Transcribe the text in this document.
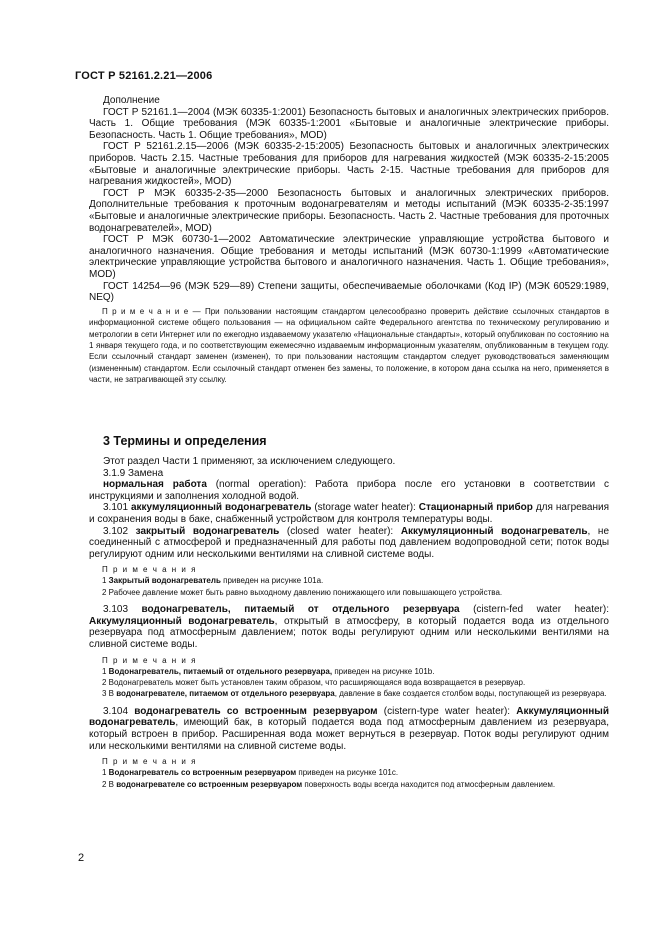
ГОСТ Р 52161.2.21—2006

Дополнение

ГОСТ Р 52161.1—2004 (МЭК 60335-1:2001) Безопасность бытовых и аналогичных электрических приборов. Часть 1. Общие требования (МЭК 60335-1:2001 «Бытовые и аналогичные электрические приборы. Безопасность. Часть 1. Общие требования», MOD)

ГОСТ Р 52161.2.15—2006 (МЭК 60335-2-15:2005) Безопасность бытовых и аналогичных электрических приборов. Часть 2.15. Частные требования для приборов для нагревания жидкостей (МЭК 60335-2-15:2005 «Бытовые и аналогичные электрические приборы. Часть 2-15. Частные требования для приборов для нагревания жидкостей», MOD)

ГОСТ Р МЭК 60335-2-35—2000 Безопасность бытовых и аналогичных электрических приборов. Дополнительные требования к проточным водонагревателям и методы испытаний (МЭК 60335-2-35:1997 «Бытовые и аналогичные электрические приборы. Безопасность. Часть 2. Частные требования для проточных водонагревателей», MOD)

ГОСТ Р МЭК 60730-1—2002 Автоматические электрические управляющие устройства бытового и аналогичного назначения. Общие требования и методы испытаний (МЭК 60730-1:1999 «Автоматические электрические управляющие устройства бытового и аналогичного назначения. Часть 1. Общие требования», MOD)

ГОСТ 14254—96 (МЭК 529—89) Степени защиты, обеспечиваемые оболочками (Код IP) (МЭК 60529:1989, NEQ)

П р и м е ч а н и е — При пользовании настоящим стандартом целесообразно проверить действие ссылочных стандартов в информационной системе общего пользования — на официальном сайте Федерального агентства по техническому регулированию и метрологии в сети Интернет или по ежегодно издаваемому указателю «Национальные стандарты», который опубликован по состоянию на 1 января текущего года, и по соответствующим ежемесячно издаваемым информационным указателям, опубликованным в текущем году. Если ссылочный стандарт заменен (изменен), то при пользовании настоящим стандартом следует руководствоваться заменяющим (измененным) стандартом. Если ссылочный стандарт отменен без замены, то положение, в котором дана ссылка на него, применяется в части, не затрагивающей эту ссылку.

3 Термины и определения

Этот раздел Части 1 применяют, за исключением следующего.

3.1.9 Замена

нормальная работа (normal operation): Работа прибора после его установки в соответствии с инструкциями и заполнения холодной водой.

3.101 аккумуляционный водонагреватель (storage water heater): Стационарный прибор для нагревания и сохранения воды в баке, снабженный устройством для контроля температуры воды.

3.102 закрытый водонагреватель (closed water heater): Аккумуляционный водонагреватель, не соединенный с атмосферой и предназначенный для работы под давлением водопроводной сети; поток воды регулируют одним или несколькими вентилями на сливной системе воды.

П р и м е ч а н и я

1 Закрытый водонагреватель приведен на рисунке 101а.

2 Рабочее давление может быть равно выходному давлению понижающего или повышающего устройства.

3.103 водонагреватель, питаемый от отдельного резервуара (cistern-fed water heater): Аккумуляционный водонагреватель, открытый в атмосферу, в который подается вода из отдельного резервуара под атмосферным давлением; поток воды регулируют одним или несколькими вентилями на сливной системе воды.

П р и м е ч а н и я

1 Водонагреватель, питаемый от отдельного резервуара, приведен на рисунке 101b.

2 Водонагреватель может быть установлен таким образом, что расширяющаяся вода возвращается в резервуар.

3 В водонагревателе, питаемом от отдельного резервуара, давление в баке создается столбом воды, поступающей из резервуара.

3.104 водонагреватель со встроенным резервуаром (cistern-type water heater): Аккумуляционный водонагреватель, имеющий бак, в который подается вода под атмосферным давлением из резервуара, который встроен в прибор. Расширенная вода может вернуться в резервуар. Поток воды регулируют одним или несколькими вентилями на сливной системе воды.

П р и м е ч а н и я

1 Водонагреватель со встроенным резервуаром приведен на рисунке 101с.

2 В водонагревателе со встроенным резервуаром поверхность воды всегда находится под атмосферным давлением.

2
